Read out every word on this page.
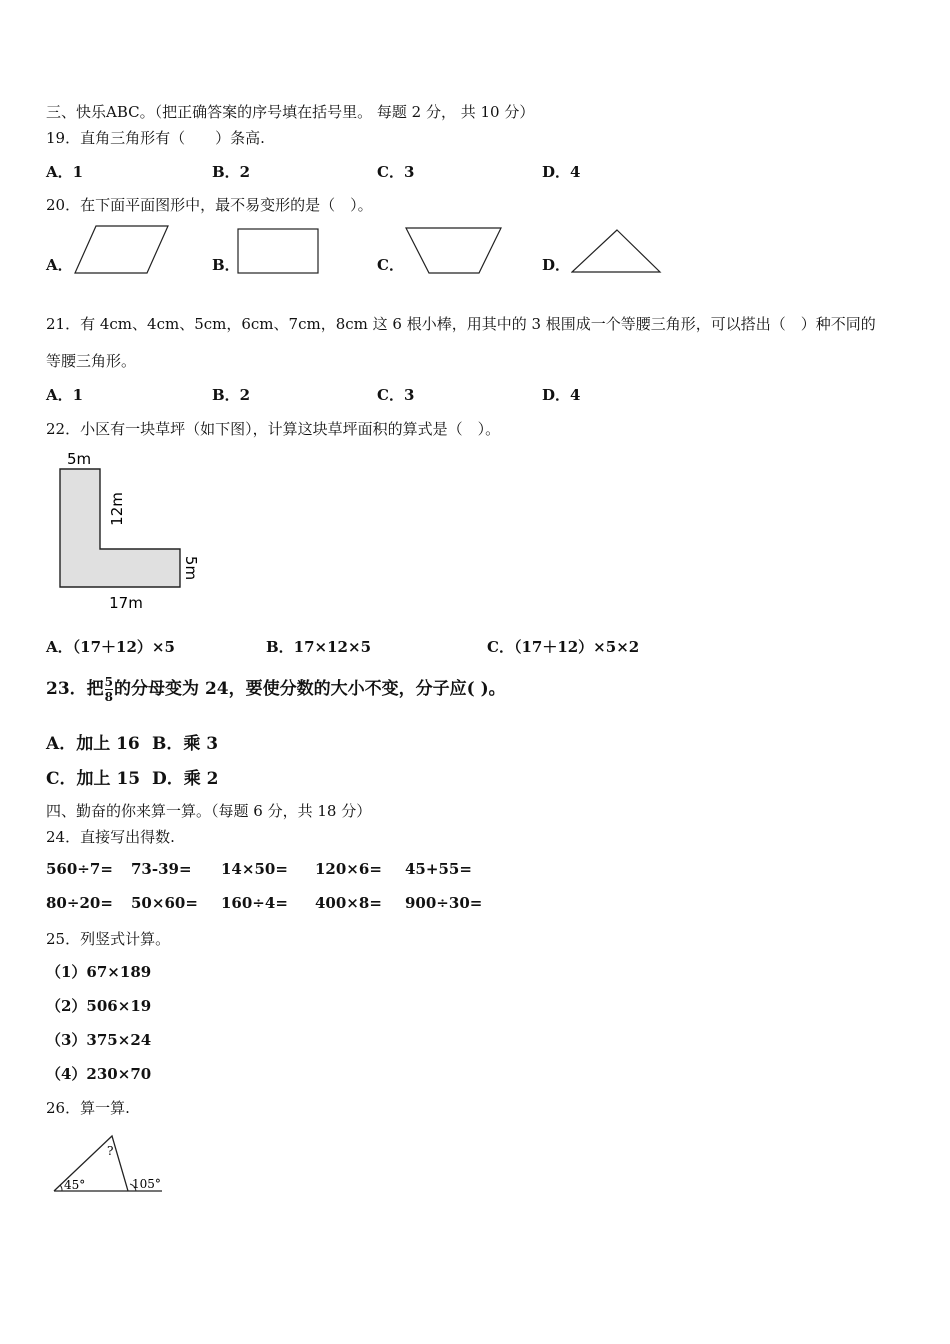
三、快乐ABC。（把正确答案的序号填在括号里。 每题 2 分， 共 10 分）
19．直角三角形有（　　）条高.
A．1	B．2	C．3	D．4
20．在下面平面图形中，最不易变形的是（　）。
A．	B．	C．	D．
21．有 4cm、4cm、5cm，6cm、7cm，8cm 这 6 根小棒，用其中的 3 根围成一个等腰三角形，可以搭出（　）种不同的
等腰三角形。
A．1	B．2	C．3	D．4
22．小区有一块草坪（如下图），计算这块草坪面积的算式是（　）。
5m
12m
5m
17m
A．（17＋12）×5	B．17×12×5	C．（17＋12）×5×2
23．把 $\frac{5}{8}$ 的分母变为 24，要使分数的大小不变，分子应( )。
A．加上 16 B．乘 3
C．加上 15 D．乘 2
四、勤奋的你来算一算。（每题 6 分，共 18 分）
24．直接写出得数.
560÷7= 73-39= 14×50= 120×6= 45+55=
80÷20= 50×60= 160÷4= 400×8= 900÷30=
25．列竖式计算。
（1）67×189
（2）506×19
（3）375×24
（4）230×70
26．算一算.
?
45°	105°
